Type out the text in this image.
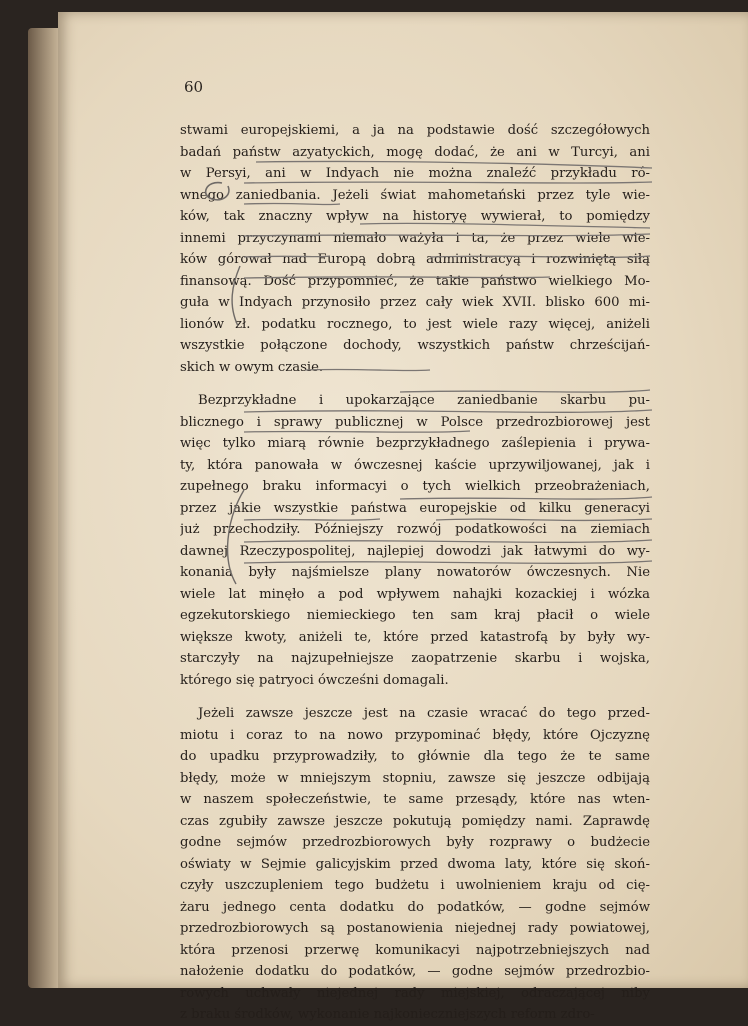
60
stwami europejskiemi, a ja na podstawie dość szczegółowych
badań państw azyatyckich, mogę dodać, że ani w Turcyi, ani
w Persyi, ani w Indyach nie można znaleźć przykładu ró-
wnego zaniedbania. Jeżeli świat mahometański przez tyle wie-
ków, tak znaczny wpływ na historyę wywierał, to pomiędzy
innemi przyczynami niemało ważyła i ta, że przez wiele wie-
ków górował nad Europą dobrą administracyą i rozwiniętą siłą
finansową. Dość przypomnieć, że takie państwo wielkiego Mo-
guła w Indyach przynosiło przez cały wiek XVII. blisko 600 mi-
lionów zł. podatku rocznego, to jest wiele razy więcej, aniżeli
wszystkie połączone dochody, wszystkich państw chrześcijań-
skich w owym czasie.
Bezprzykładne i upokarzające zaniedbanie skarbu pu-
blicznego i sprawy publicznej w Polsce przedrozbiorowej jest
więc tylko miarą równie bezprzykładnego zaślepienia i prywa-
ty, która panowała w ówczesnej kaście uprzywiljowanej, jak i
zupełnego braku informacyi o tych wielkich przeobrażeniach,
przez jakie wszystkie państwa europejskie od kilku generacyi
już przechodziły. Późniejszy rozwój podatkowości na ziemiach
dawnej Rzeczypospolitej, najlepiej dowodzi jak łatwymi do wy-
konania były najśmielsze plany nowatorów ówczesnych. Nie
wiele lat minęło a pod wpływem nahajki kozackiej i wózka
egzekutorskiego niemieckiego ten sam kraj płacił o wiele
większe kwoty, aniżeli te, które przed katastrofą by były wy-
starczyły na najzupełniejsze zaopatrzenie skarbu i wojska,
którego się patryoci ówcześni domagali.
Jeżeli zawsze jeszcze jest na czasie wracać do tego przed-
miotu i coraz to na nowo przypominać błędy, które Ojczyznę
do upadku przyprowadziły, to głównie dla tego że te same
błędy, może w mniejszym stopniu, zawsze się jeszcze odbijają
w naszem społeczeństwie, te same przesądy, które nas wten-
czas zgubiły zawsze jeszcze pokutują pomiędzy nami. Zaprawdę
godne sejmów przedrozbiorowych były rozprawy o budżecie
oświaty w Sejmie galicyjskim przed dwoma laty, które się skoń-
czyły uszczupleniem tego budżetu i uwolnieniem kraju od cię-
żaru jednego centa dodatku do podatków, — godne sejmów
przedrozbiorowych są postanowienia niejednej rady powiatowej,
która przenosi przerwę komunikacyi najpotrzebniejszych nad
nałożenie dodatku do podatków, — godne sejmów przedrozbio-
rowych uchwały niejednej rady miejskiej, odraczającej niby
z braku środków, wykonanie najkonieczniejszych reform zdro-
